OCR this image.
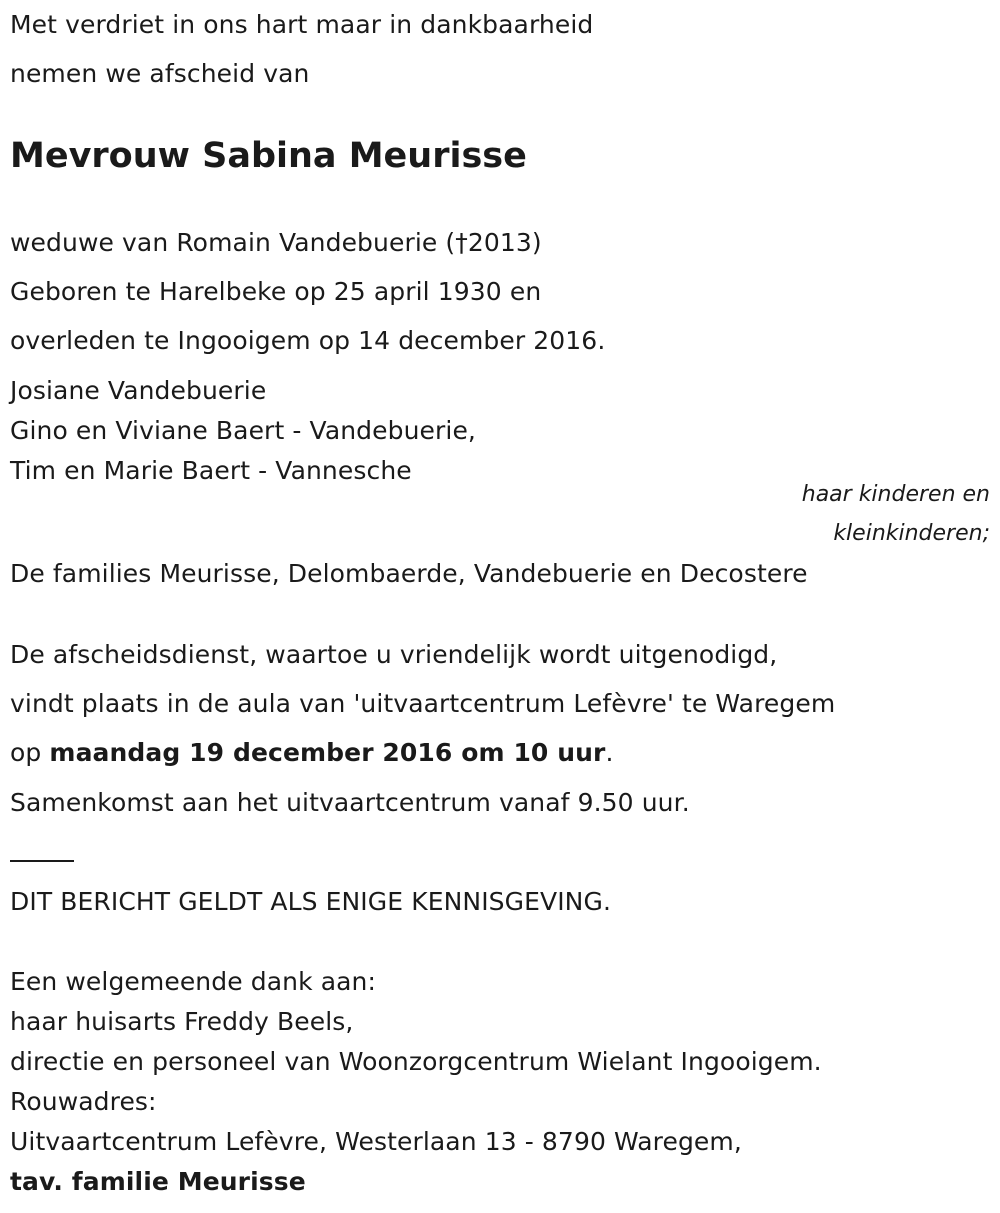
Met verdriet in ons hart maar in dankbaarheid
nemen we afscheid van
Mevrouw Sabina Meurisse
weduwe van Romain Vandebuerie (†2013)
Geboren te Harelbeke op 25 april 1930 en
overleden te Ingooigem op 14 december 2016.
Josiane Vandebuerie
Gino en Viviane Baert - Vandebuerie,
Tim en Marie Baert - Vannesche
haar kinderen en
kleinkinderen;
De families Meurisse, Delombaerde, Vandebuerie en Decostere
De afscheidsdienst, waartoe u vriendelijk wordt uitgenodigd,
vindt plaats in de aula van 'uitvaartcentrum Lefèvre' te Waregem
op maandag 19 december 2016 om 10 uur.
Samenkomst aan het uitvaartcentrum vanaf 9.50 uur.
DIT BERICHT GELDT ALS ENIGE KENNISGEVING.
Een welgemeende dank aan:
haar huisarts Freddy Beels,
directie en personeel van Woonzorgcentrum Wielant Ingooigem.
Rouwadres:
Uitvaartcentrum Lefèvre, Westerlaan 13 - 8790 Waregem,
tav. familie Meurisse
